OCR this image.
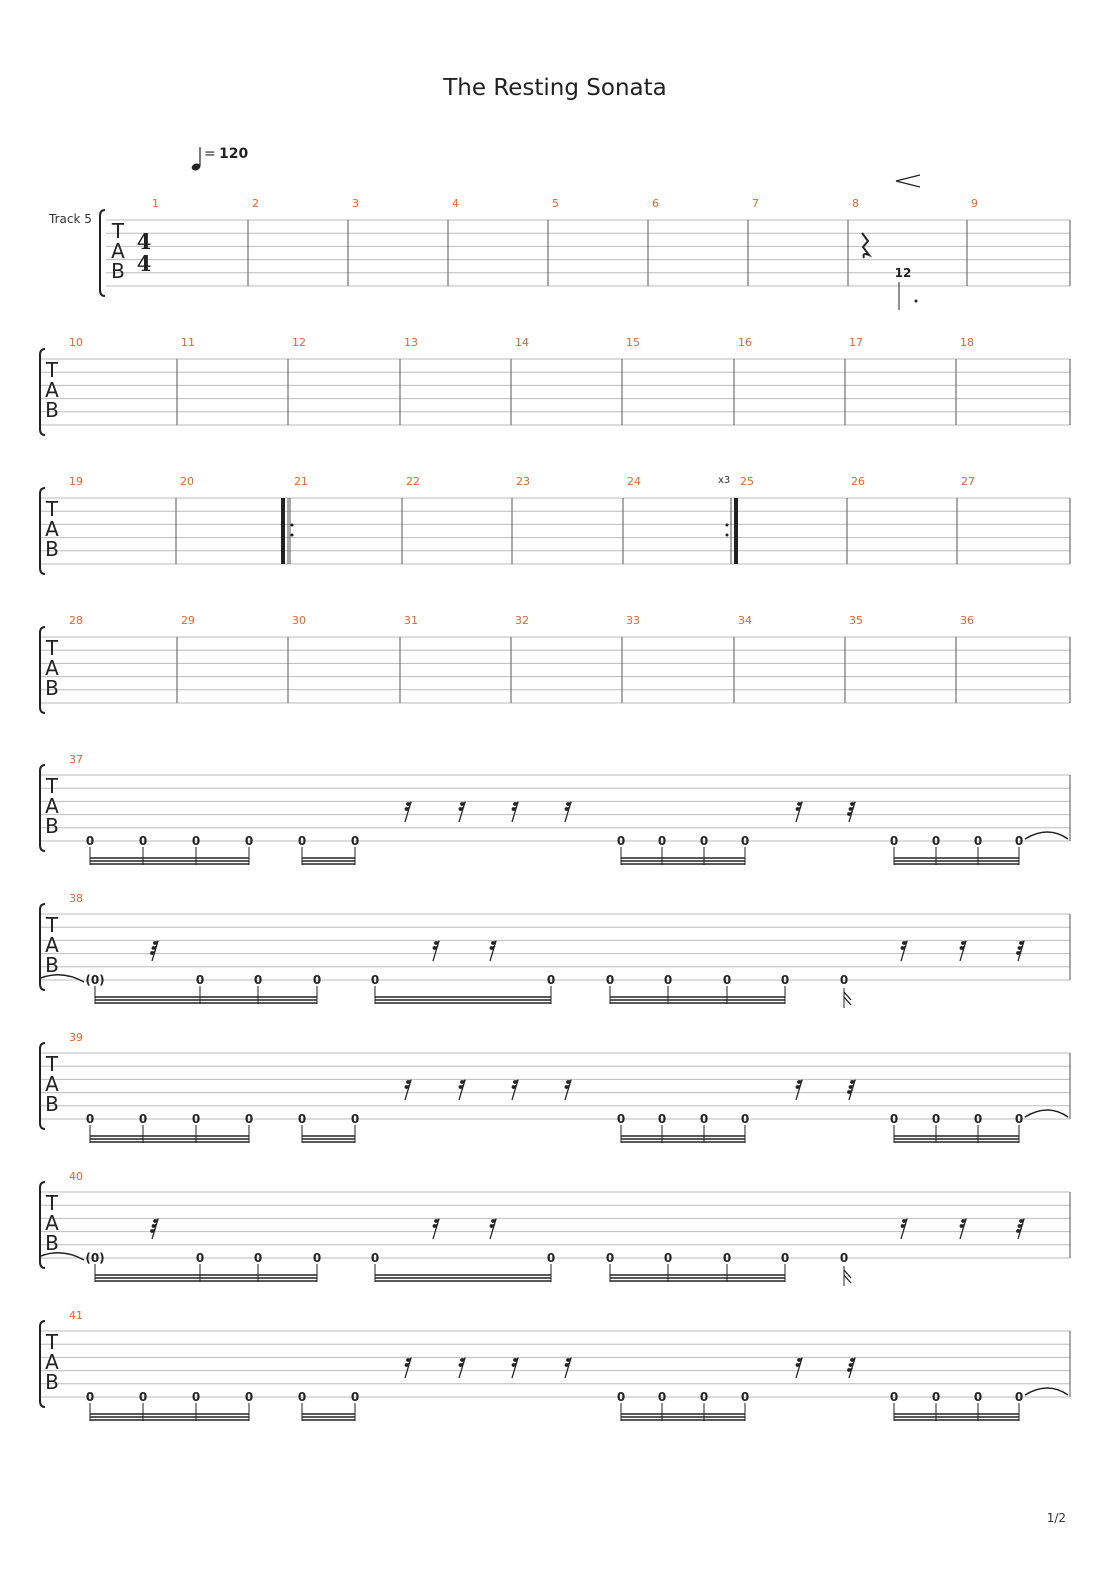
The Resting Sonata
= 120
T
A
B
Track 5
4
4
1	2	3	4	5	6	7	8	9
12
T
A
B
10	11	12	13	14	15	16	17	18
T
A
B
19	20	21	22	23	24	25	26	27
x3
T
A
B
28	29	30	31	32	33	34	35	36
T
A
B
37
0	0	0	0	0	0	0	0	0	0	0	0	0	0
T
A
B
38
(0)	0	0	0	0	0	0	0	0	0	0
T
A
B
39
0	0	0	0	0	0	0	0	0	0	0	0	0	0
T
A
B
40
(0)	0	0	0	0	0	0	0	0	0	0
T
A
B
41
0	0	0	0	0	0	0	0	0	0	0	0	0	0
1/2
